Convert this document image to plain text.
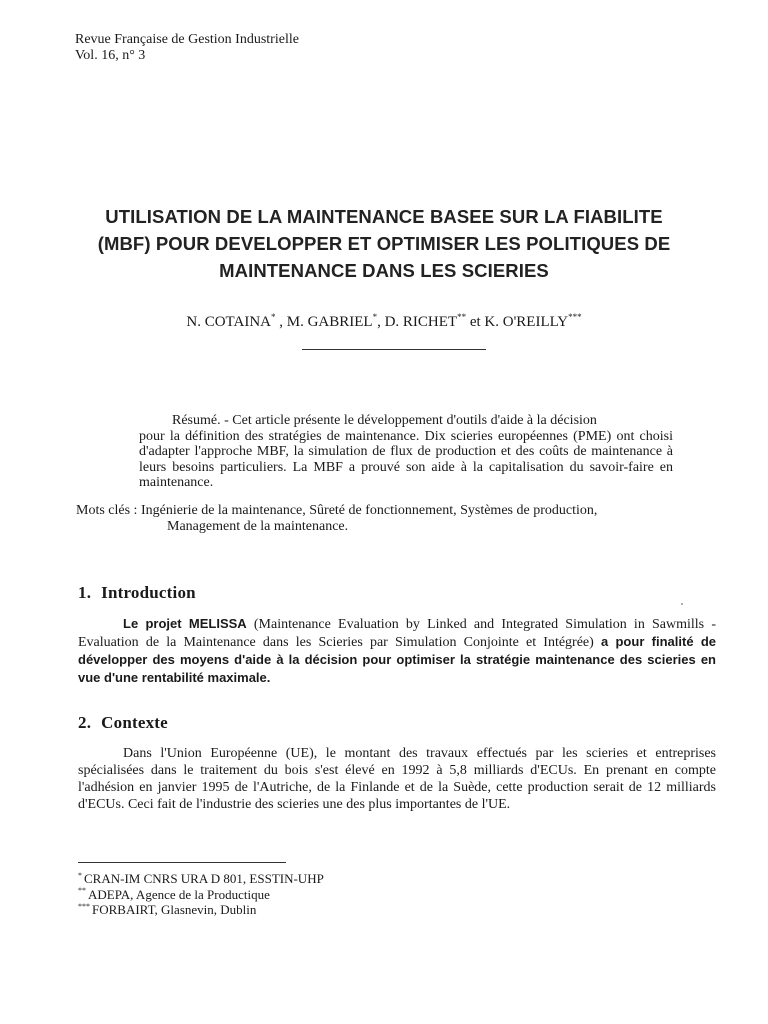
Revue Française de Gestion Industrielle
Vol. 16, n° 3
UTILISATION DE LA MAINTENANCE BASEE SUR LA FIABILITE
(MBF) POUR DEVELOPPER ET OPTIMISER LES POLITIQUES DE
MAINTENANCE DANS LES SCIERIES
N. COTAINA* , M. GABRIEL*, D. RICHET** et K. O'REILLY***
Résumé. - Cet article présente le développement d'outils d'aide à la décision
pour la définition des stratégies de maintenance. Dix scieries européennes (PME) ont choisi d'adapter l'approche MBF, la simulation de flux de production et des coûts de maintenance à leurs besoins particuliers. La MBF a prouvé son aide à la capitalisation du savoir-faire en maintenance.
Mots clés : Ingénierie de la maintenance, Sûreté de fonctionnement, Systèmes de production,
Management de la maintenance.
1. Introduction
Le projet MELISSA (Maintenance Evaluation by Linked and Integrated Simulation in Sawmills - Evaluation de la Maintenance dans les Scieries par Simulation Conjointe et Intégrée) a pour finalité de développer des moyens d'aide à la décision pour optimiser la stratégie maintenance des scieries en vue d'une rentabilité maximale.
2. Contexte
Dans l'Union Européenne (UE), le montant des travaux effectués par les scieries et entreprises spécialisées dans le traitement du bois s'est élevé en 1992 à 5,8 milliards d'ECUs. En prenant en compte l'adhésion en janvier 1995 de l'Autriche, de la Finlande et de la Suède, cette production serait de 12 milliards d'ECUs. Ceci fait de l'industrie des scieries une des plus importantes de l'UE.
* CRAN-IM CNRS URA D 801, ESSTIN-UHP
** ADEPA, Agence de la Productique
*** FORBAIRT, Glasnevin, Dublin
